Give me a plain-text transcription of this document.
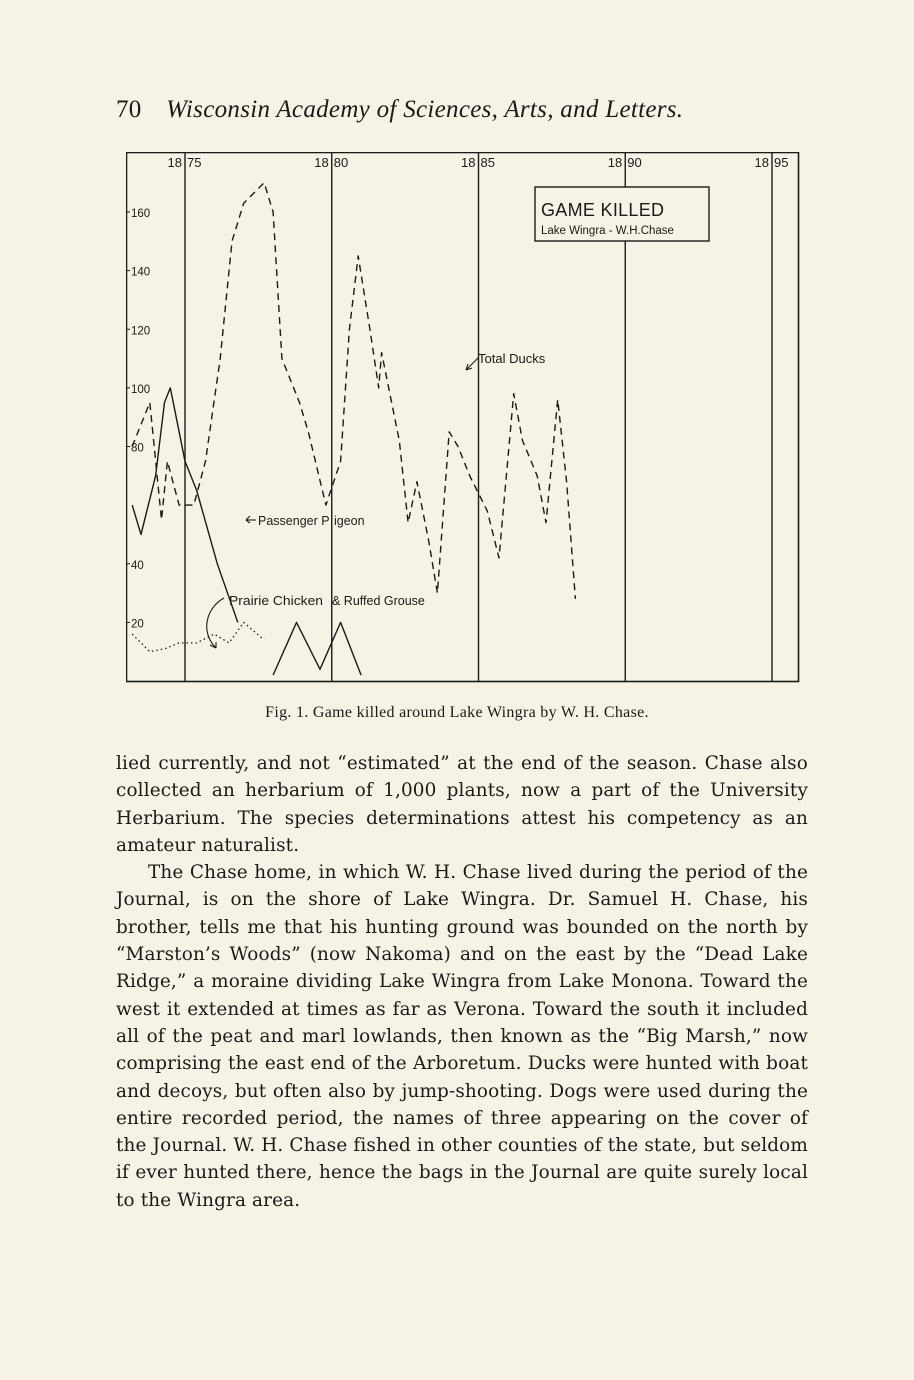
70 Wisconsin Academy of Sciences, Arts, and Letters.
20
40
80
100
120
140
160
18 75	18 80	18 85	18 90	18 95
GAME KILLED
Lake Wingra - W.H.Chase
Total Ducks
Passenger P igeon
Prairie Chicken & Ruffed Grouse
Fig. 1. Game killed around Lake Wingra by W. H. Chase.

lied currently, and not “estimated” at the end of the season. Chase also collected an herbarium of 1,000 plants, now a part of the University Herbarium. The species determinations attest his competency as an amateur naturalist.

The Chase home, in which W. H. Chase lived during the period of the Journal, is on the shore of Lake Wingra. Dr. Samuel H. Chase, his brother, tells me that his hunting ground was bounded on the north by “Marston’s Woods” (now Nakoma) and on the east by the “Dead Lake Ridge,” a moraine dividing Lake Wingra from Lake Monona. Toward the west it extended at times as far as Verona. Toward the south it included all of the peat and marl lowlands, then known as the “Big Marsh,” now comprising the east end of the Arboretum. Ducks were hunted with boat and decoys, but often also by jump-shooting. Dogs were used during the entire recorded period, the names of three appearing on the cover of the Journal. W. H. Chase fished in other counties of the state, but seldom if ever hunted there, hence the bags in the Journal are quite surely local to the Wingra area.
